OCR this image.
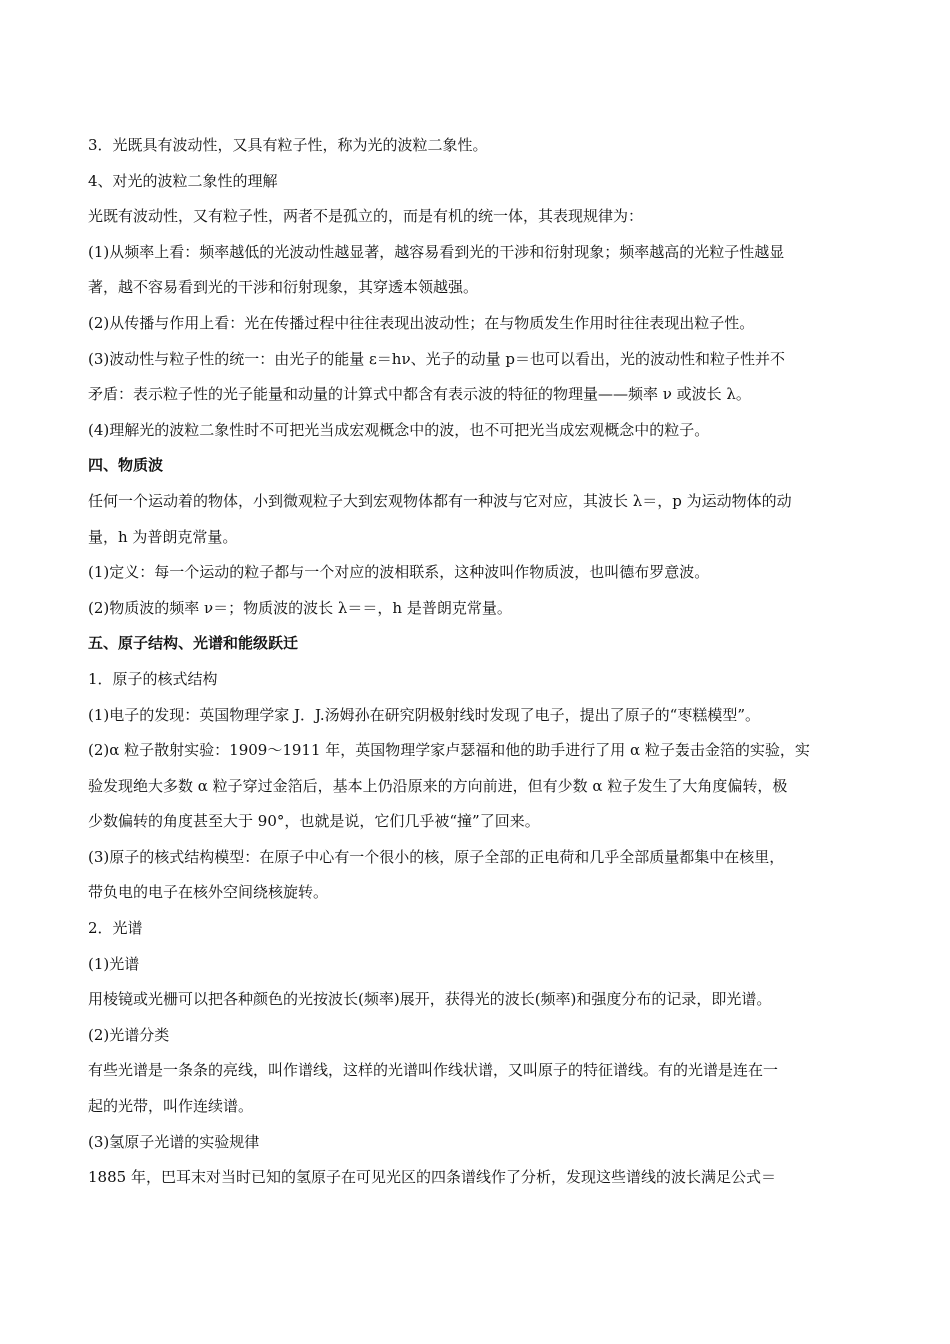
3．光既具有波动性，又具有粒子性，称为光的波粒二象性。
4、对光的波粒二象性的理解
光既有波动性，又有粒子性，两者不是孤立的，而是有机的统一体，其表现规律为：
(1)从频率上看：频率越低的光波动性越显著，越容易看到光的干涉和衍射现象；频率越高的光粒子性越显
著，越不容易看到光的干涉和衍射现象，其穿透本领越强。
(2)从传播与作用上看：光在传播过程中往往表现出波动性；在与物质发生作用时往往表现出粒子性。
(3)波动性与粒子性的统一：由光子的能量 ε＝hν、光子的动量 p＝也可以看出，光的波动性和粒子性并不
矛盾：表示粒子性的光子能量和动量的计算式中都含有表示波的特征的物理量——频率 ν 或波长 λ。
(4)理解光的波粒二象性时不可把光当成宏观概念中的波，也不可把光当成宏观概念中的粒子。
四、物质波
任何一个运动着的物体，小到微观粒子大到宏观物体都有一种波与它对应，其波长 λ＝，p 为运动物体的动
量，h 为普朗克常量。
(1)定义：每一个运动的粒子都与一个对应的波相联系，这种波叫作物质波，也叫德布罗意波。
(2)物质波的频率 ν＝；物质波的波长 λ＝＝，h 是普朗克常量。
五、原子结构、光谱和能级跃迁
1．原子的核式结构
(1)电子的发现：英国物理学家 J．J.汤姆孙在研究阴极射线时发现了电子，提出了原子的“枣糕模型”。
(2)α 粒子散射实验：1909～1911 年，英国物理学家卢瑟福和他的助手进行了用 α 粒子轰击金箔的实验，实
验发现绝大多数 α 粒子穿过金箔后，基本上仍沿原来的方向前进，但有少数 α 粒子发生了大角度偏转，极
少数偏转的角度甚至大于 90°，也就是说，它们几乎被“撞”了回来。
(3)原子的核式结构模型：在原子中心有一个很小的核，原子全部的正电荷和几乎全部质量都集中在核里，
带负电的电子在核外空间绕核旋转。
2．光谱
(1)光谱
用棱镜或光栅可以把各种颜色的光按波长(频率)展开，获得光的波长(频率)和强度分布的记录，即光谱。
(2)光谱分类
有些光谱是一条条的亮线，叫作谱线，这样的光谱叫作线状谱，又叫原子的特征谱线。有的光谱是连在一
起的光带，叫作连续谱。
(3)氢原子光谱的实验规律
1885 年，巴耳末对当时已知的氢原子在可见光区的四条谱线作了分析，发现这些谱线的波长满足公式＝
